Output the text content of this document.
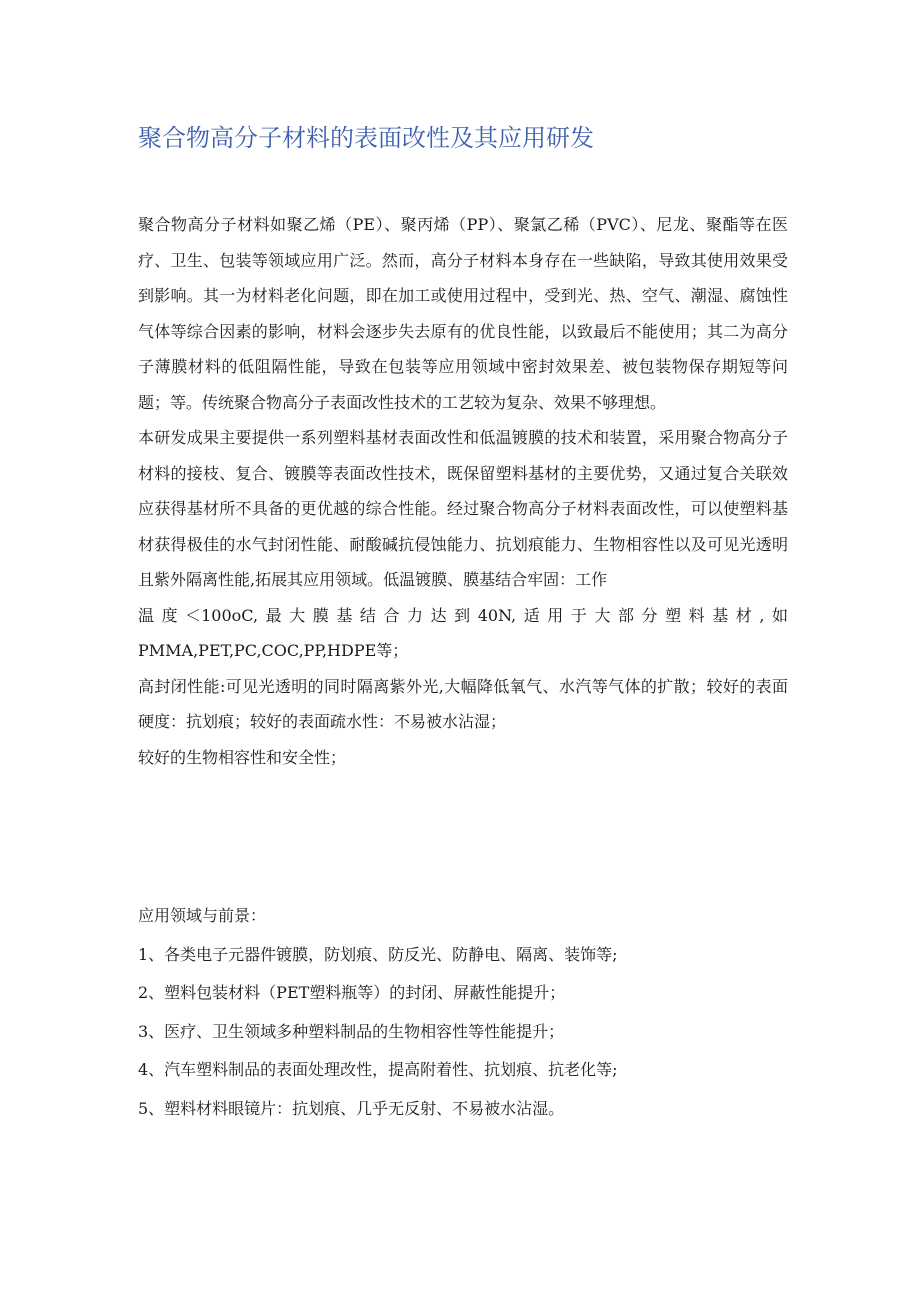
聚合物高分子材料的表面改性及其应用研发

聚合物高分子材料如聚乙烯（PE）、聚丙烯（PP）、聚氯乙稀（PVC）、尼龙、聚酯等在医疗、卫生、包装等领域应用广泛。然而，高分子材料本身存在一些缺陷，导致其使用效果受到影响。其一为材料老化问题，即在加工或使用过程中，受到光、热、空气、潮湿、腐蚀性气体等综合因素的影响，材料会逐步失去原有的优良性能，以致最后不能使用；其二为高分子薄膜材料的低阻隔性能，导致在包装等应用领域中密封效果差、被包装物保存期短等问题；等。传统聚合物高分子表面改性技术的工艺较为复杂、效果不够理想。

本研发成果主要提供一系列塑料基材表面改性和低温镀膜的技术和装置，采用聚合物高分子材料的接枝、复合、镀膜等表面改性技术，既保留塑料基材的主要优势，又通过复合关联效应获得基材所不具备的更优越的综合性能。经过聚合物高分子材料表面改性，可以使塑料基材获得极佳的水气封闭性能、耐酸碱抗侵蚀能力、抗划痕能力、生物相容性以及可见光透明且紫外隔离性能,拓展其应用领域。低温镀膜、膜基结合牢固：工作

温度＜100oC,最大膜基结合力达到40N,适用于大部分塑料基材,如

PMMA,PET,PC,COC,PP,HDPE等；

高封闭性能:可见光透明的同时隔离紫外光,大幅降低氧气、水汽等气体的扩散；较好的表面硬度：抗划痕；较好的表面疏水性：不易被水沾湿；

较好的生物相容性和安全性；

应用领域与前景：

1、各类电子元器件镀膜，防划痕、防反光、防静电、隔离、装饰等;

2、塑料包装材料（PET塑料瓶等）的封闭、屏蔽性能提升；

3、医疗、卫生领域多种塑料制品的生物相容性等性能提升；

4、汽车塑料制品的表面处理改性，提高附着性、抗划痕、抗老化等;

5、塑料材料眼镜片：抗划痕、几乎无反射、不易被水沾湿。
